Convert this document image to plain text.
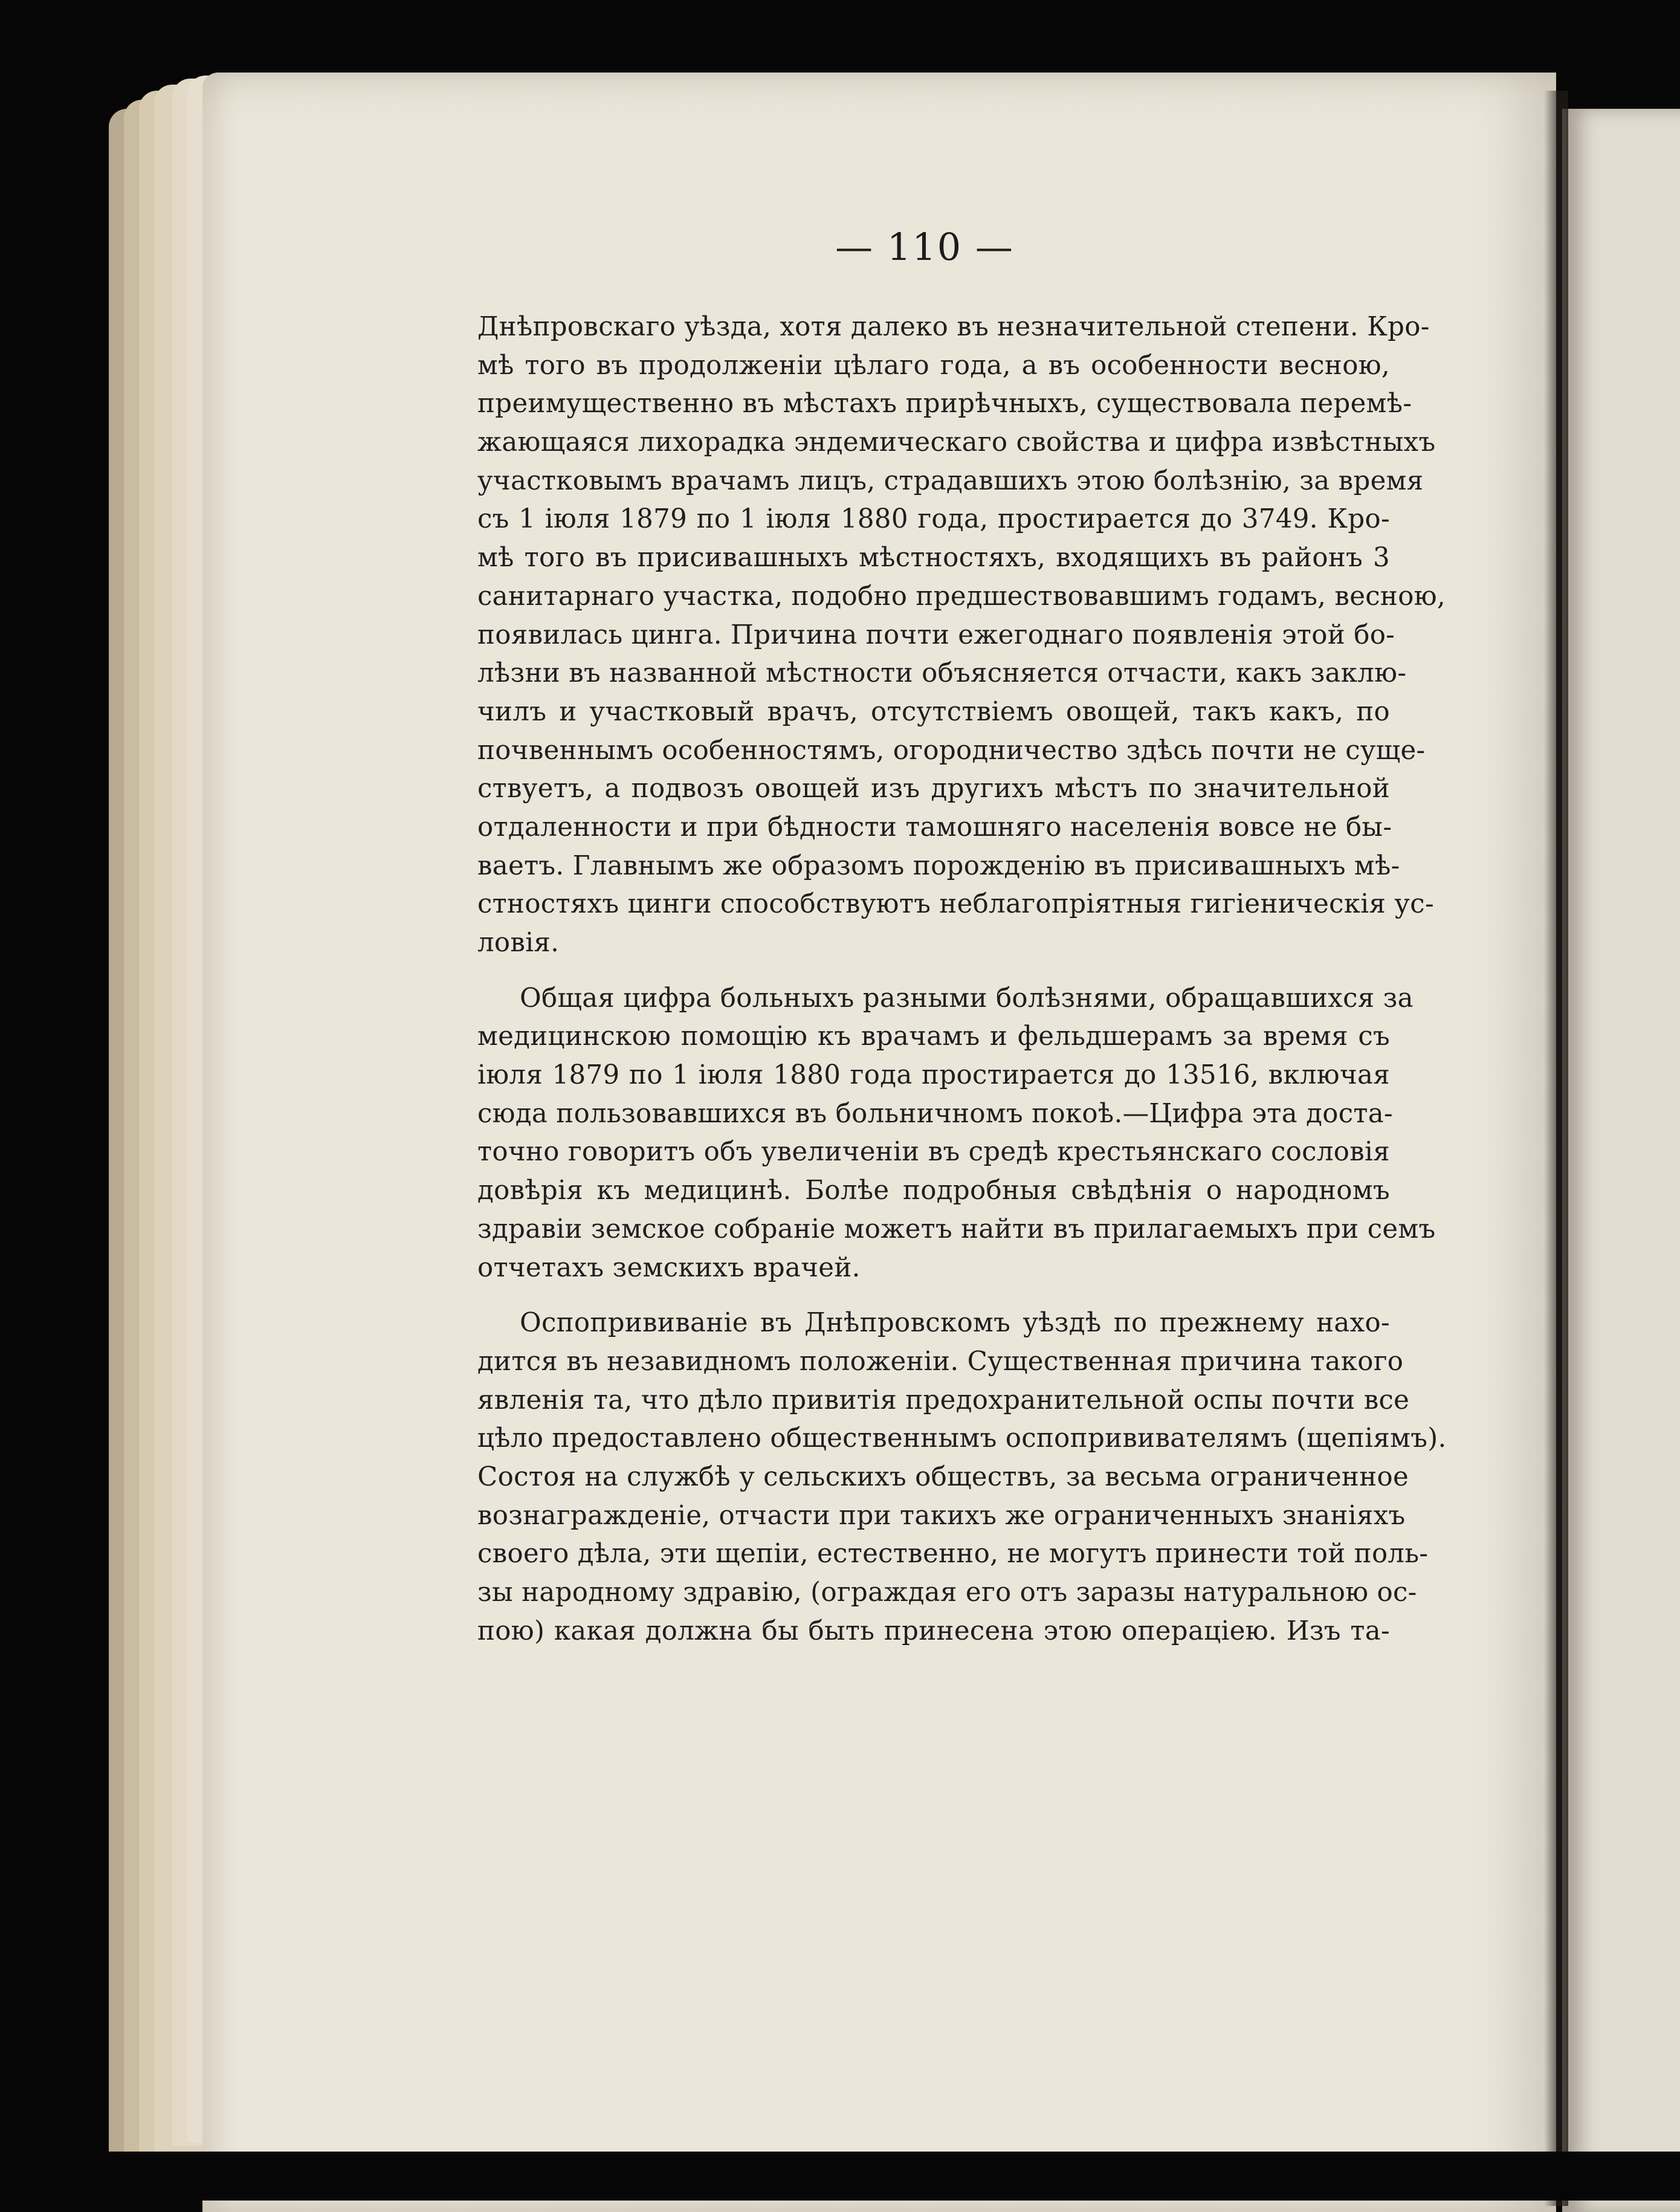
— 110 —
Днѣпровскаго уѣзда, хотя далеко въ незначительной степени. Кро-
мѣ того въ продолженіи цѣлаго года, а въ особенности весною,
преимущественно въ мѣстахъ прирѣчныхъ, существовала перемѣ-
жающаяся лихорадка эндемическаго свойства и цифра извѣстныхъ
участковымъ врачамъ лицъ, страдавшихъ этою болѣзнію, за время
съ 1 іюля 1879 по 1 іюля 1880 года, простирается до 3749. Кро-
мѣ того въ присивашныхъ мѣстностяхъ, входящихъ въ районъ 3
санитарнаго участка, подобно предшествовавшимъ годамъ, весною,
появилась цинга. Причина почти ежегоднаго появленія этой бо-
лѣзни въ названной мѣстности объясняется отчасти, какъ заклю-
чилъ и участковый врачъ, отсутствіемъ овощей, такъ какъ, по
почвеннымъ особенностямъ, огородничество здѣсь почти не суще-
ствуетъ, а подвозъ овощей изъ другихъ мѣстъ по значительной
отдаленности и при бѣдности тамошняго населенія вовсе не бы-
ваетъ. Главнымъ же образомъ порожденію въ присивашныхъ мѣ-
стностяхъ цинги способствуютъ неблагопріятныя гигіеническія ус-
ловія.
Общая цифра больныхъ разными болѣзнями, обращавшихся за
медицинскою помощію къ врачамъ и фельдшерамъ за время съ
іюля 1879 по 1 іюля 1880 года простирается до 13516, включая
сюда пользовавшихся въ больничномъ покоѣ.—Цифра эта доста-
точно говоритъ объ увеличеніи въ средѣ крестьянскаго сословія
довѣрія къ медицинѣ. Болѣе подробныя свѣдѣнія о народномъ
здравіи земское собраніе можетъ найти въ прилагаемыхъ при семъ
отчетахъ земскихъ врачей.
Оспопрививаніе въ Днѣпровскомъ уѣздѣ по прежнему нахо-
дится въ незавидномъ положеніи. Существенная причина такого
явленія та, что дѣло привитія предохранительной оспы почти все
цѣло предоставлено общественнымъ оспопрививателямъ (щепіямъ).
Состоя на службѣ у сельскихъ обществъ, за весьма ограниченное
вознагражденіе, отчасти при такихъ же ограниченныхъ знаніяхъ
своего дѣла, эти щепіи, естественно, не могутъ принести той поль-
зы народному здравію, (ограждая его отъ заразы натуральною ос-
пою) какая должна бы быть принесена этою операціею. Изъ та-
